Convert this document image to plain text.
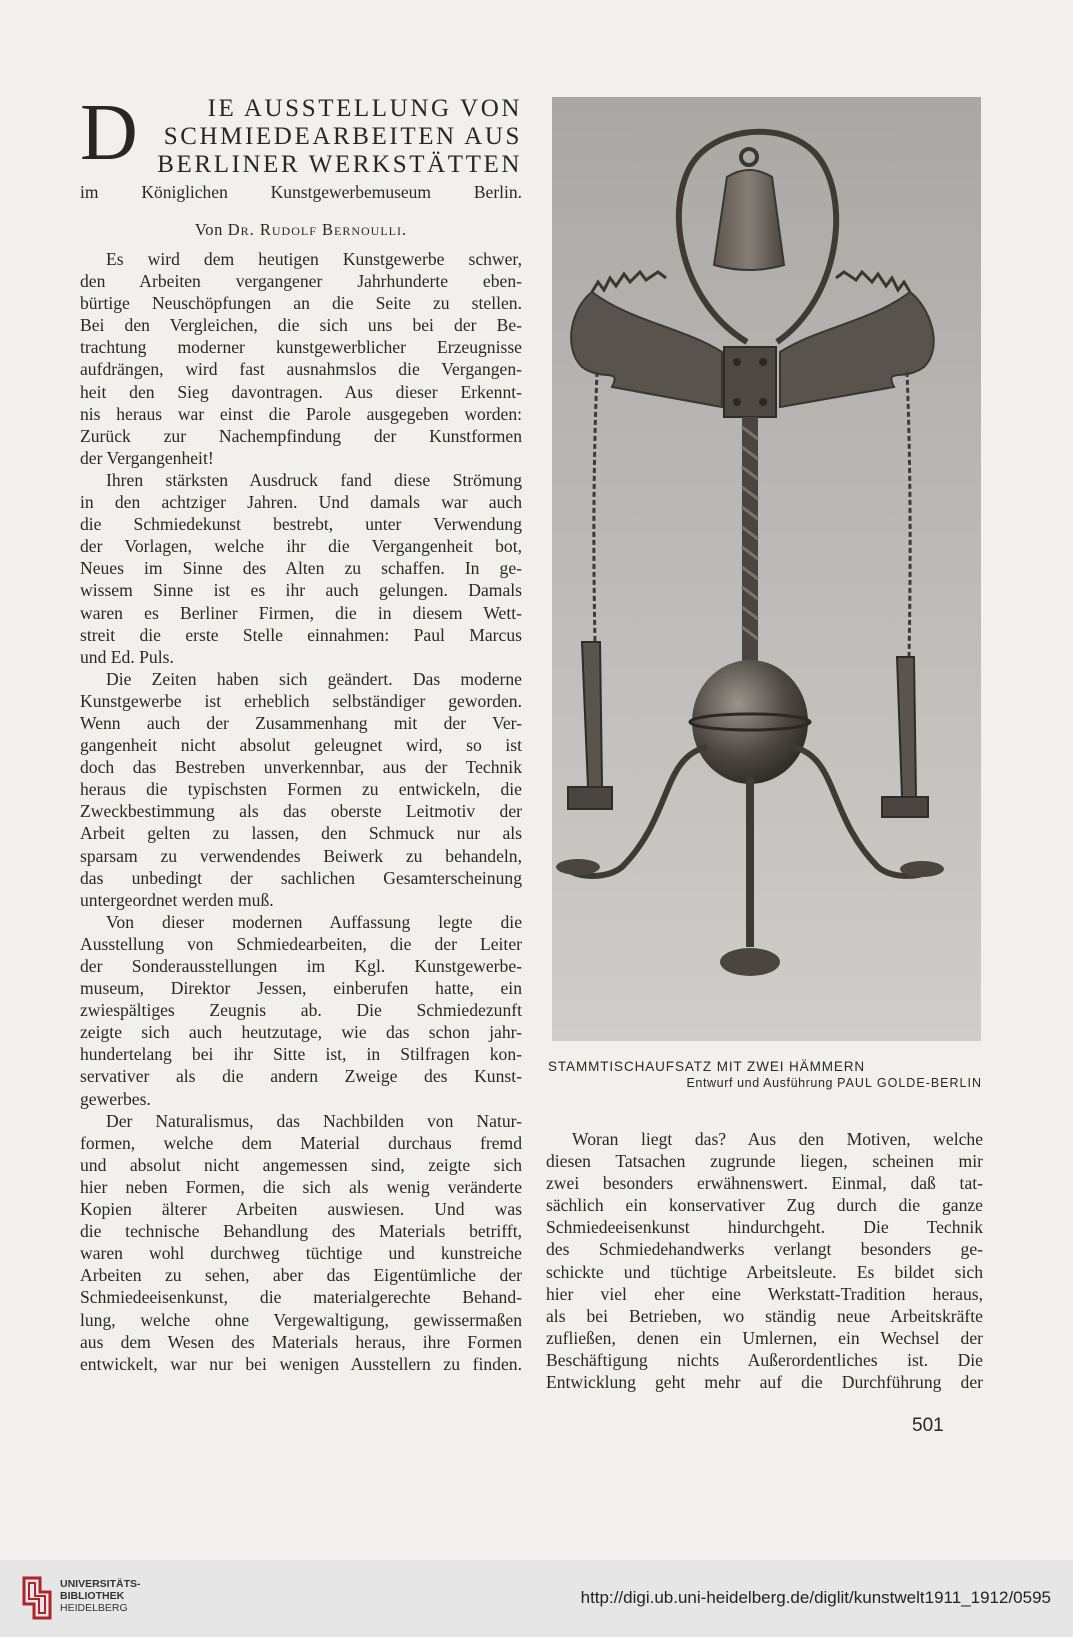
D	IE AUSSTELLUNG VON
SCHMIEDEARBEITEN AUS
BERLINER WERKSTÄTTEN
im Königlichen Kunstgewerbemuseum Berlin.
Von Dr. Rudolf Bernoulli.
Es wird dem heutigen Kunstgewerbe schwer,
den Arbeiten vergangener Jahrhunderte eben-
bürtige Neuschöpfungen an die Seite zu stellen.
Bei den Vergleichen, die sich uns bei der Be-
trachtung moderner kunstgewerblicher Erzeugnisse
aufdrängen, wird fast ausnahmslos die Vergangen-
heit den Sieg davontragen. Aus dieser Erkennt-
nis heraus war einst die Parole ausgegeben worden:
Zurück zur Nachempfindung der Kunstformen
der Vergangenheit!
Ihren stärksten Ausdruck fand diese Strömung
in den achtziger Jahren. Und damals war auch
die Schmiedekunst bestrebt, unter Verwendung
der Vorlagen, welche ihr die Vergangenheit bot,
Neues im Sinne des Alten zu schaffen. In ge-
wissem Sinne ist es ihr auch gelungen. Damals
waren es Berliner Firmen, die in diesem Wett-
streit die erste Stelle einnahmen: Paul Marcus
und Ed. Puls.
Die Zeiten haben sich geändert. Das moderne
Kunstgewerbe ist erheblich selbständiger geworden.
Wenn auch der Zusammenhang mit der Ver-
gangenheit nicht absolut geleugnet wird, so ist
doch das Bestreben unverkennbar, aus der Technik
heraus die typischsten Formen zu entwickeln, die
Zweckbestimmung als das oberste Leitmotiv der
Arbeit gelten zu lassen, den Schmuck nur als
sparsam zu verwendendes Beiwerk zu behandeln,
das unbedingt der sachlichen Gesamterscheinung
untergeordnet werden muß.
Von dieser modernen Auffassung legte die
Ausstellung von Schmiedearbeiten, die der Leiter
der Sonderausstellungen im Kgl. Kunstgewerbe-
museum, Direktor Jessen, einberufen hatte, ein
zwiespältiges Zeugnis ab. Die Schmiedezunft
zeigte sich auch heutzutage, wie das schon jahr-
hundertelang bei ihr Sitte ist, in Stilfragen kon-
servativer als die andern Zweige des Kunst-
gewerbes.
Der Naturalismus, das Nachbilden von Natur-
formen, welche dem Material durchaus fremd
und absolut nicht angemessen sind, zeigte sich
hier neben Formen, die sich als wenig veränderte
Kopien älterer Arbeiten auswiesen. Und was
die technische Behandlung des Materials betrifft,
waren wohl durchweg tüchtige und kunstreiche
Arbeiten zu sehen, aber das Eigentümliche der
Schmiedeeisenkunst, die materialgerechte Behand-
lung, welche ohne Vergewaltigung, gewissermaßen
aus dem Wesen des Materials heraus, ihre Formen
entwickelt, war nur bei wenigen Ausstellern zu finden.
STAMMTISCHAUFSATZ MIT ZWEI HÄMMERN
Entwurf und Ausführung PAUL GOLDE-BERLIN
Woran liegt das? Aus den Motiven, welche
diesen Tatsachen zugrunde liegen, scheinen mir
zwei besonders erwähnenswert. Einmal, daß tat-
sächlich ein konservativer Zug durch die ganze
Schmiedeeisenkunst hindurchgeht. Die Technik
des Schmiedehandwerks verlangt besonders ge-
schickte und tüchtige Arbeitsleute. Es bildet sich
hier viel eher eine Werkstatt-Tradition heraus,
als bei Betrieben, wo ständig neue Arbeitskräfte
zufließen, denen ein Umlernen, ein Wechsel der
Beschäftigung nichts Außerordentliches ist. Die
Entwicklung geht mehr auf die Durchführung der
501
UNIVERSITÄTS-
BIBLIOTHEK
HEIDELBERG
http://digi.ub.uni-heidelberg.de/diglit/kunstwelt1911_1912/0595
